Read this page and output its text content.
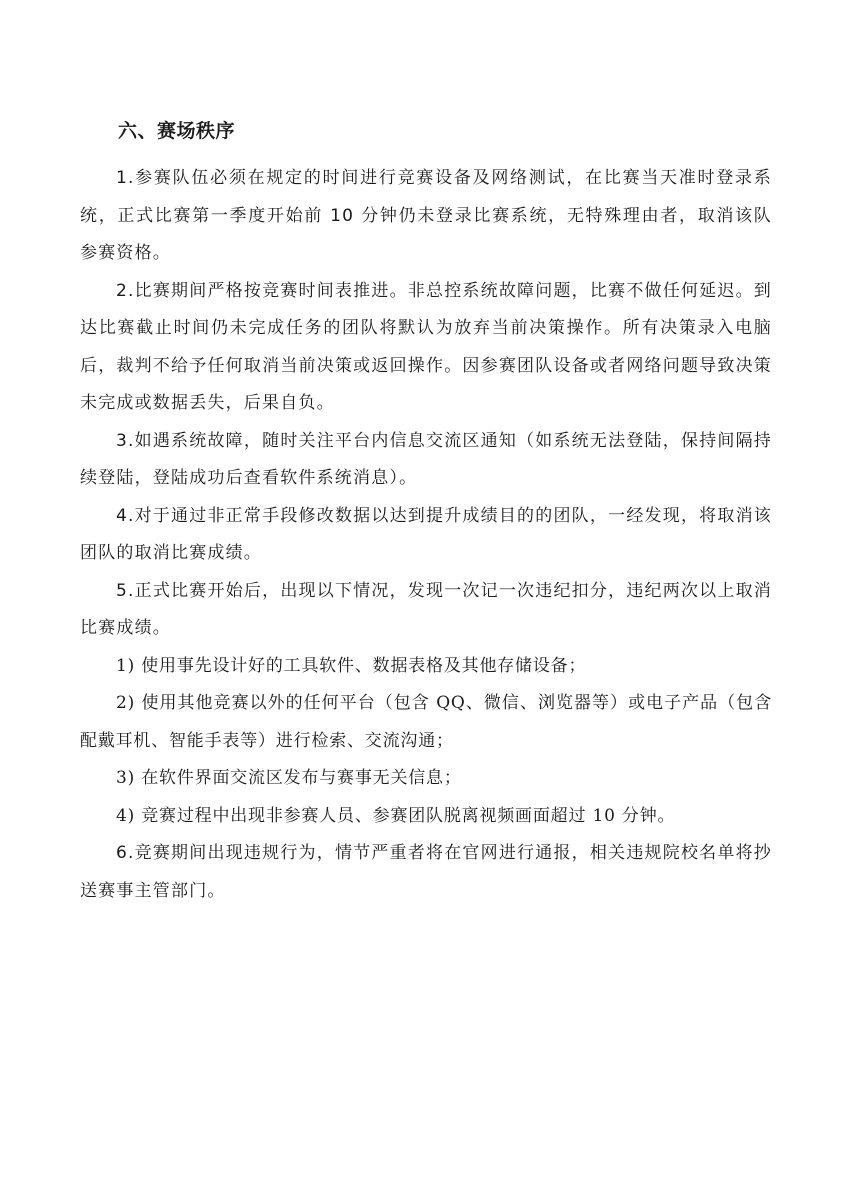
六、赛场秩序

1.参赛队伍必须在规定的时间进行竞赛设备及网络测试，在比赛当天准时登录系统，正式比赛第一季度开始前 10 分钟仍未登录比赛系统，无特殊理由者，取消该队参赛资格。

2.比赛期间严格按竞赛时间表推进。非总控系统故障问题，比赛不做任何延迟。到达比赛截止时间仍未完成任务的团队将默认为放弃当前决策操作。所有决策录入电脑后，裁判不给予任何取消当前决策或返回操作。因参赛团队设备或者网络问题导致决策未完成或数据丢失，后果自负。

3.如遇系统故障，随时关注平台内信息交流区通知（如系统无法登陆，保持间隔持续登陆，登陆成功后查看软件系统消息）。

4.对于通过非正常手段修改数据以达到提升成绩目的的团队，一经发现，将取消该团队的取消比赛成绩。

5.正式比赛开始后，出现以下情况，发现一次记一次违纪扣分，违纪两次以上取消比赛成绩。

1) 使用事先设计好的工具软件、数据表格及其他存储设备；

2) 使用其他竞赛以外的任何平台（包含 QQ、微信、浏览器等）或电子产品（包含配戴耳机、智能手表等）进行检索、交流沟通；

3) 在软件界面交流区发布与赛事无关信息；

4) 竞赛过程中出现非参赛人员、参赛团队脱离视频画面超过 10 分钟。

6.竞赛期间出现违规行为，情节严重者将在官网进行通报，相关违规院校名单将抄送赛事主管部门。
